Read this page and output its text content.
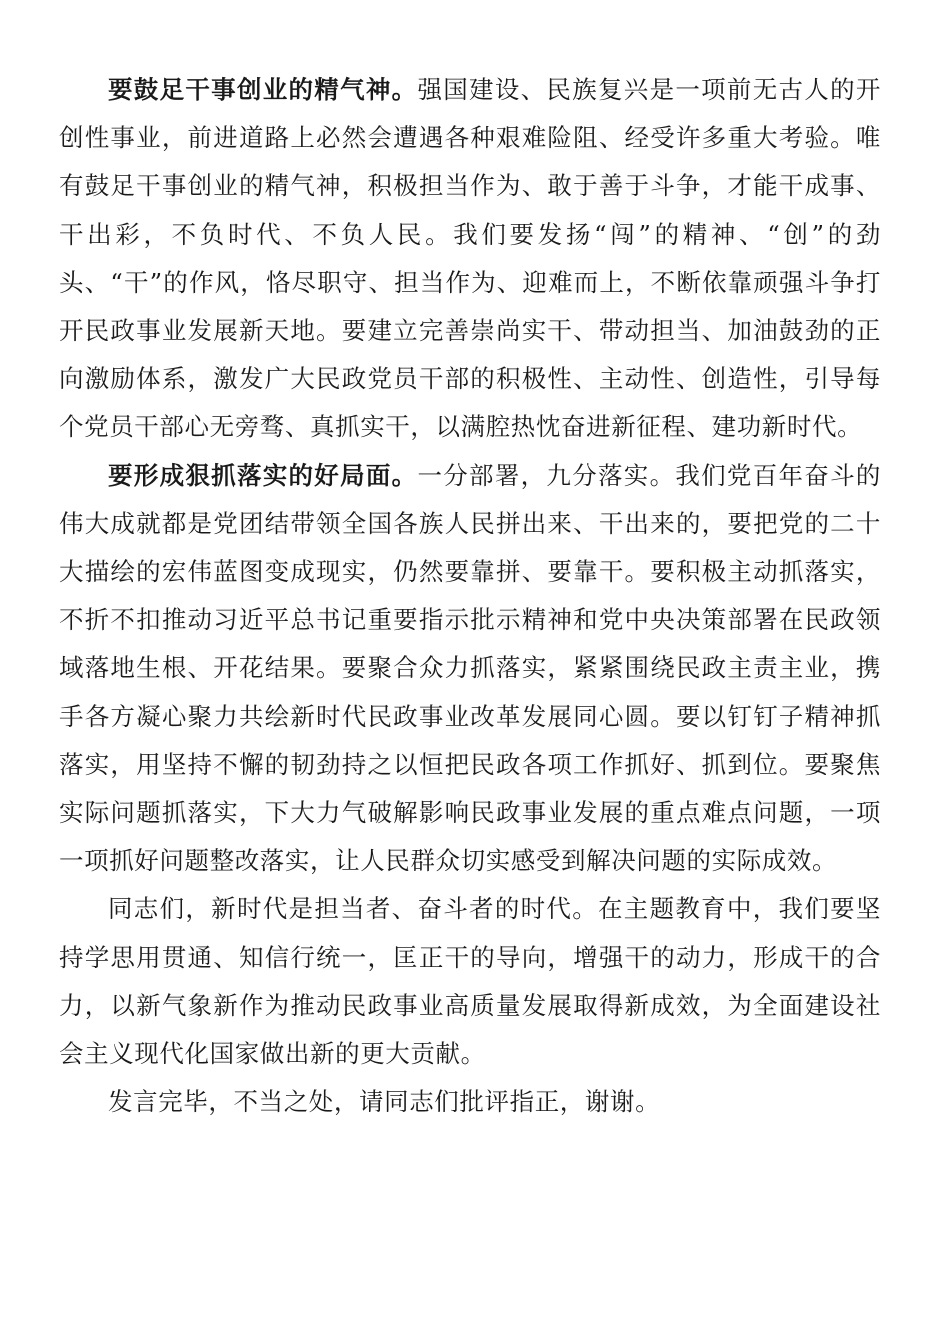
要鼓足干事创业的精气神。强国建设、民族复兴是一项前无古人的开创性事业，前进道路上必然会遭遇各种艰难险阻、经受许多重大考验。唯有鼓足干事创业的精气神，积极担当作为、敢于善于斗争，才能干成事、干出彩，不负时代、不负人民。我们要发扬“闯”的精神、“创”的劲头、“干”的作风，恪尽职守、担当作为、迎难而上，不断依靠顽强斗争打开民政事业发展新天地。要建立完善崇尚实干、带动担当、加油鼓劲的正向激励体系，激发广大民政党员干部的积极性、主动性、创造性，引导每个党员干部心无旁骛、真抓实干，以满腔热忱奋进新征程、建功新时代。

要形成狠抓落实的好局面。一分部署，九分落实。我们党百年奋斗的伟大成就都是党团结带领全国各族人民拼出来、干出来的，要把党的二十大描绘的宏伟蓝图变成现实，仍然要靠拼、要靠干。要积极主动抓落实，不折不扣推动习近平总书记重要指示批示精神和党中央决策部署在民政领域落地生根、开花结果。要聚合众力抓落实，紧紧围绕民政主责主业，携手各方凝心聚力共绘新时代民政事业改革发展同心圆。要以钉钉子精神抓落实，用坚持不懈的韧劲持之以恒把民政各项工作抓好、抓到位。要聚焦实际问题抓落实，下大力气破解影响民政事业发展的重点难点问题，一项一项抓好问题整改落实，让人民群众切实感受到解决问题的实际成效。

同志们，新时代是担当者、奋斗者的时代。在主题教育中，我们要坚持学思用贯通、知信行统一，匡正干的导向，增强干的动力，形成干的合力，以新气象新作为推动民政事业高质量发展取得新成效，为全面建设社会主义现代化国家做出新的更大贡献。

发言完毕，不当之处，请同志们批评指正，谢谢。
